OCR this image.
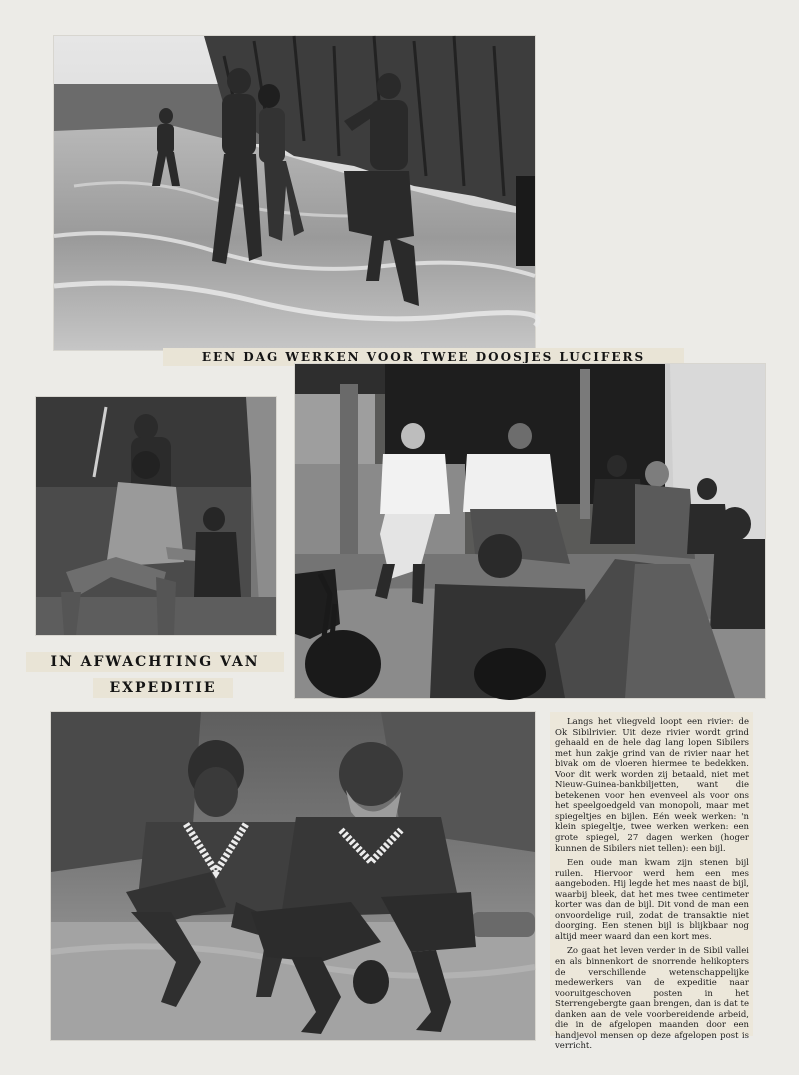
EEN DAG WERKEN VOOR TWEE DOOSJES LUCIFERS
IN AFWACHTING VAN
EXPEDITIE

Langs het vliegveld loopt een rivier: de Ok Sibilrivier. Uit deze rivier wordt grind gehaald en de hele dag lang lopen Sibilers met hun zakje grind van de rivier naar het bivak om de vloeren hiermee te bedekken. Voor dit werk worden zij betaald, niet met Nieuw-Guinea-bankbiljetten, want die betekenen voor hen evenveel als voor ons het speelgoedgeld van monopoli, maar met spiegeltjes en bijlen. Eén week werken: 'n klein spiegeltje, twee werken werken: een grote spiegel, 27 dagen werken (hoger kunnen de Sibilers niet tellen): een bijl.

Een oude man kwam zijn stenen bijl ruilen. Hiervoor werd hem een mes aangeboden. Hij legde het mes naast de bijl, waarbij bleek, dat het mes twee centimeter korter was dan de bijl. Dit vond de man een onvoordelige ruil, zodat de transaktie niet doorging. Een stenen bijl is blijkbaar nog altijd meer waard dan een kort mes.

Zo gaat het leven verder in de Sibil vallei en als binnenkort de snorrende helikopters de verschillende wetenschappelijke medewerkers van de expeditie naar vooruitgeschoven posten in het Sterrengebergte gaan brengen, dan is dat te danken aan de vele voorbereidende arbeid, die in de afgelopen maanden door een handjevol mensen op deze afgelopen post is verricht.
